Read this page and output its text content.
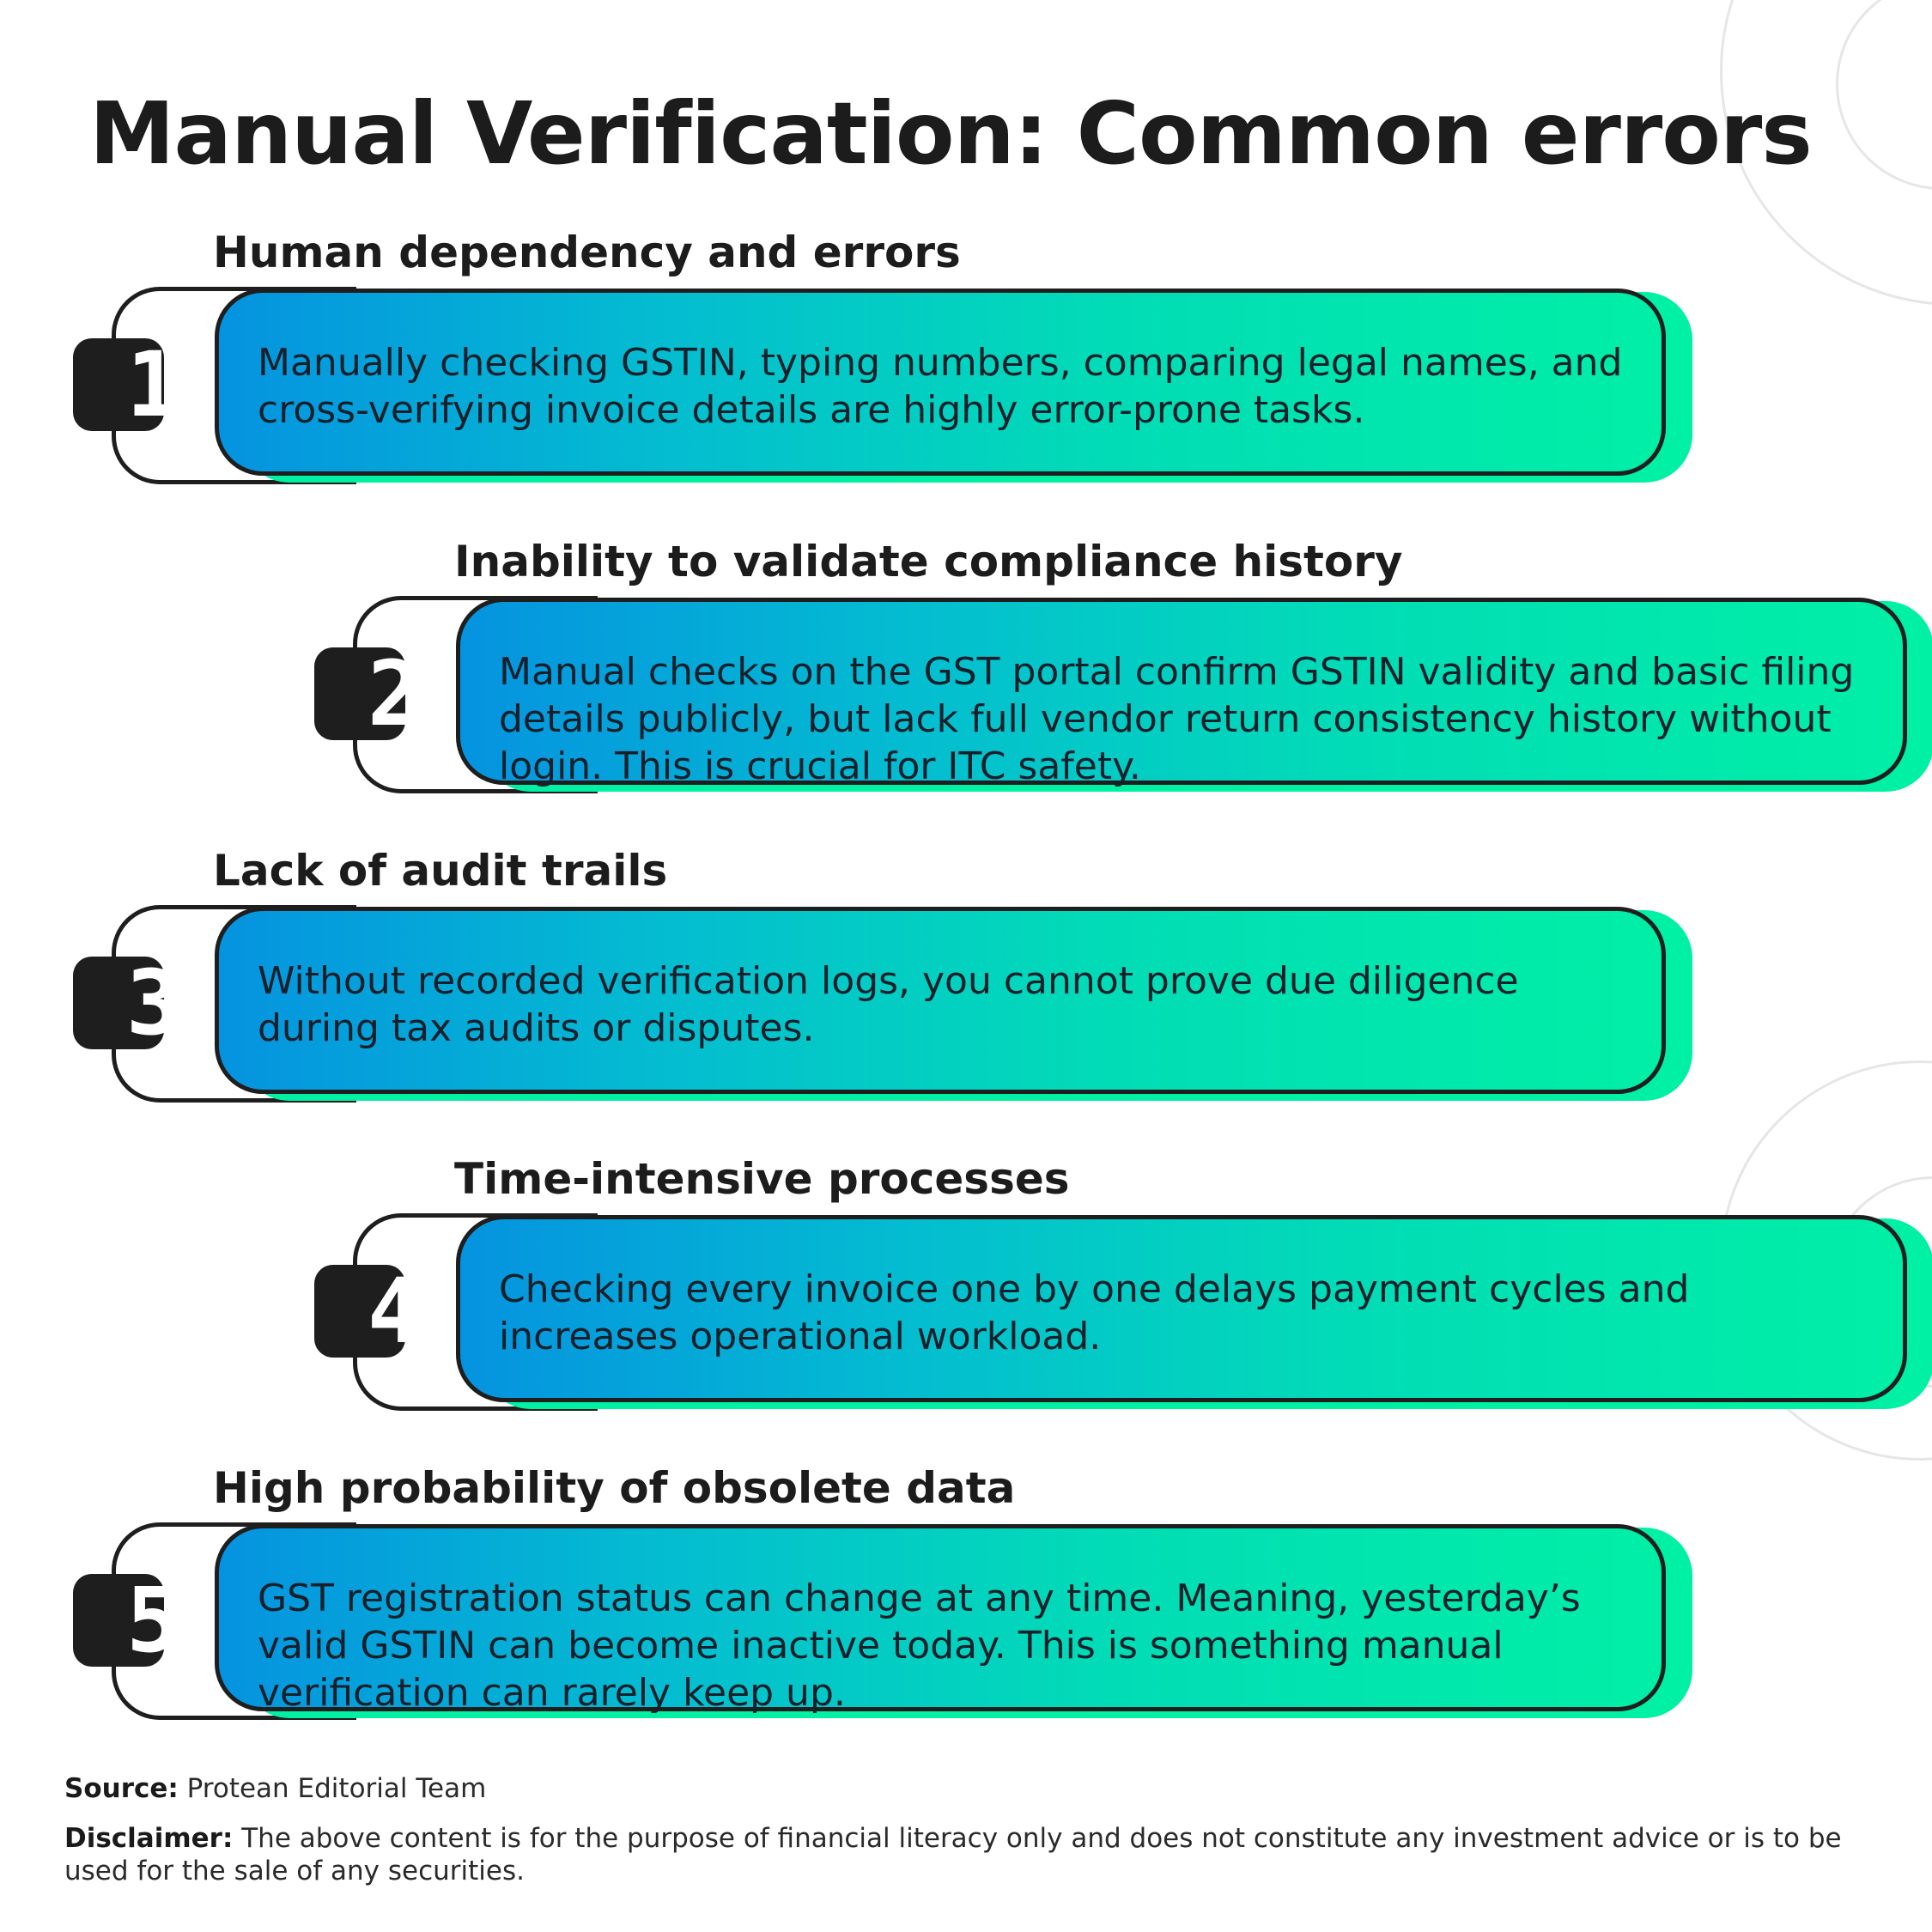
Manual Verification: Common errors
Human dependency and errors
1 Manually checking GSTIN, typing numbers, comparing legal names, and cross-verifying invoice details are highly error-prone tasks.

Inability to validate compliance history
2 Manual checks on the GST portal confirm GSTIN validity and basic filing details publicly, but lack full vendor return consistency history without login. This is crucial for ITC safety.

Lack of audit trails
3 Without recorded verification logs, you cannot prove due diligence during tax audits or disputes.

Time-intensive processes
4 Checking every invoice one by one delays payment cycles and increases operational workload.

High probability of obsolete data
5 GST registration status can change at any time. Meaning, yesterday’s valid GSTIN can become inactive today. This is something manual verification can rarely keep up.

Source: Protean Editorial Team

Disclaimer: The above content is for the purpose of financial literacy only and does not constitute any investment advice or is to be used for the sale of any securities.
